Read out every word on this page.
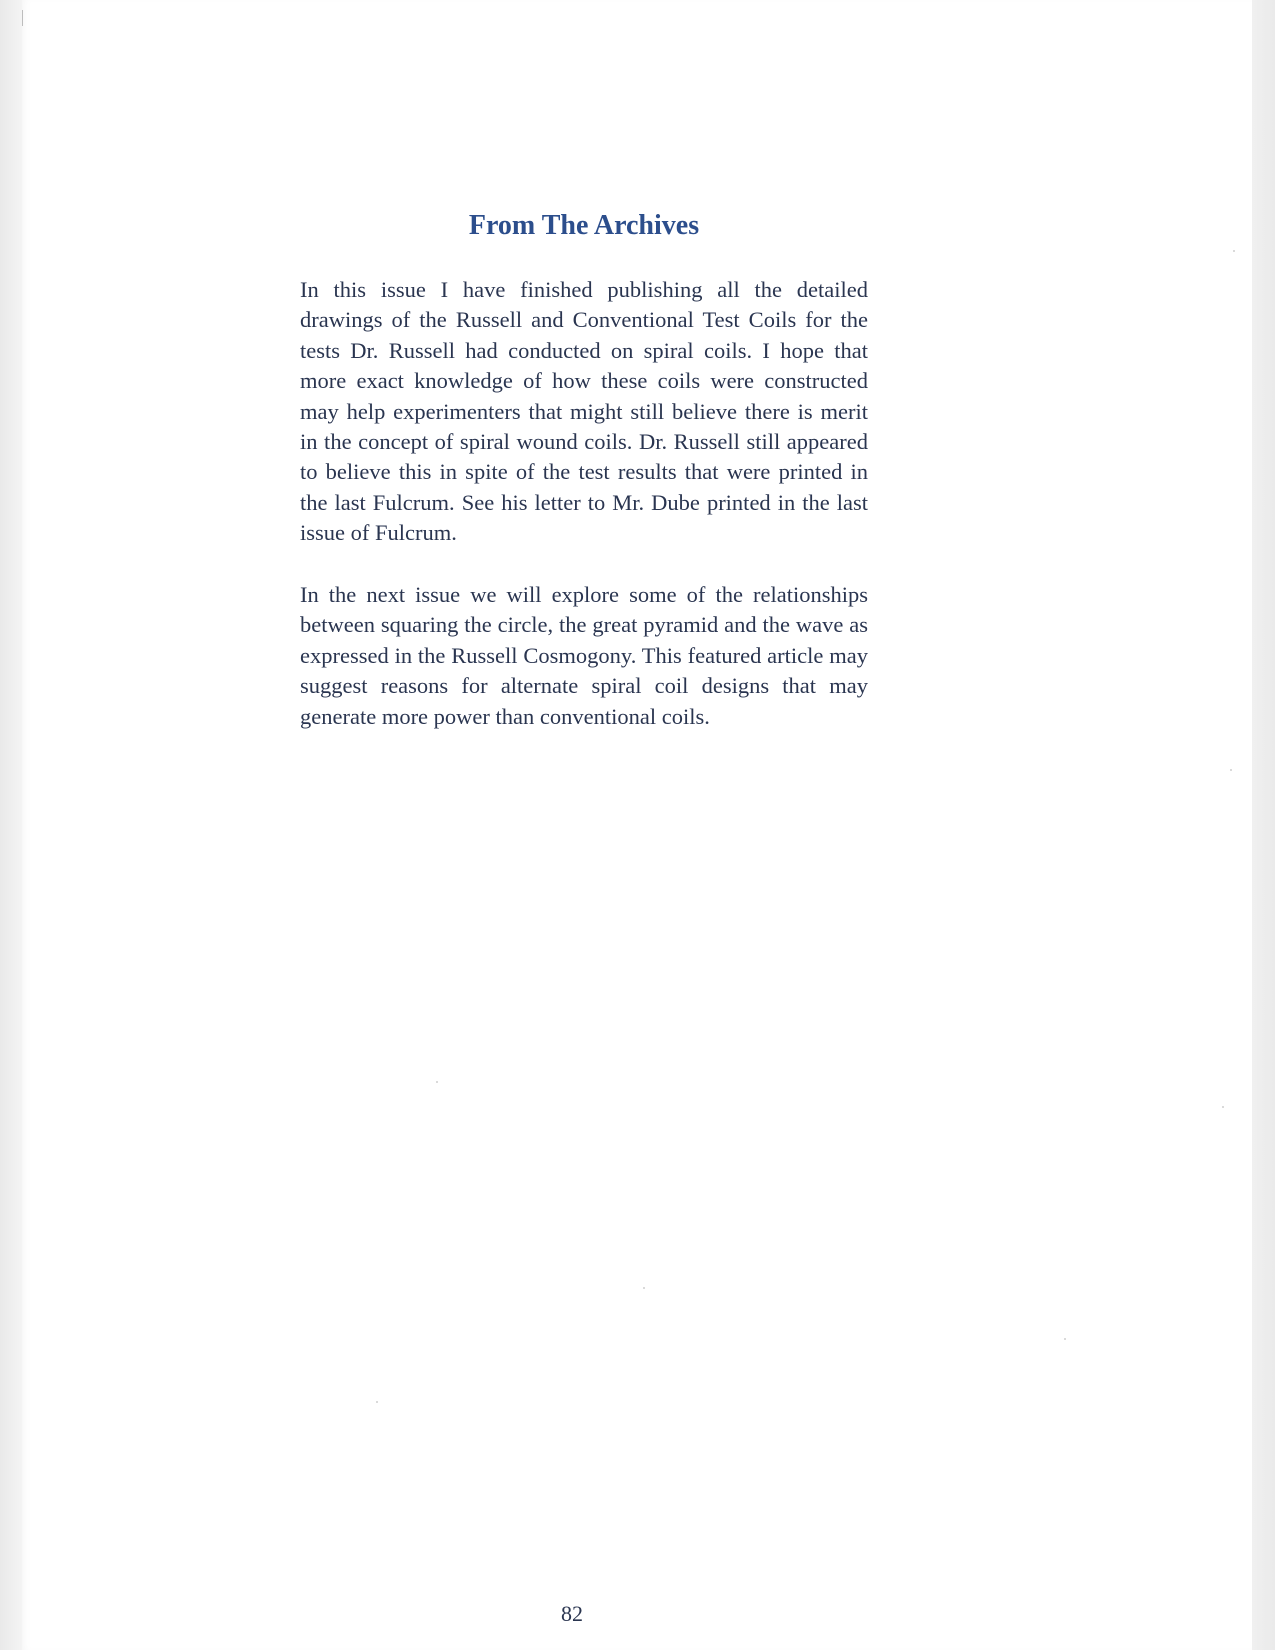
From The Archives

In this issue I have finished publishing all the detailed drawings of the Russell and Conventional Test Coils for the tests Dr. Russell had conducted on spiral coils. I hope that more exact knowledge of how these coils were constructed may help experimenters that might still believe there is merit in the concept of spiral wound coils. Dr. Russell still appeared to believe this in spite of the test results that were printed in the last Fulcrum. See his letter to Mr. Dube printed in the last issue of Fulcrum.

In the next issue we will explore some of the relationships between squaring the circle, the great pyramid and the wave as expressed in the Russell Cosmogony. This featured article may suggest reasons for alternate spiral coil designs that may generate more power than conventional coils.

82
